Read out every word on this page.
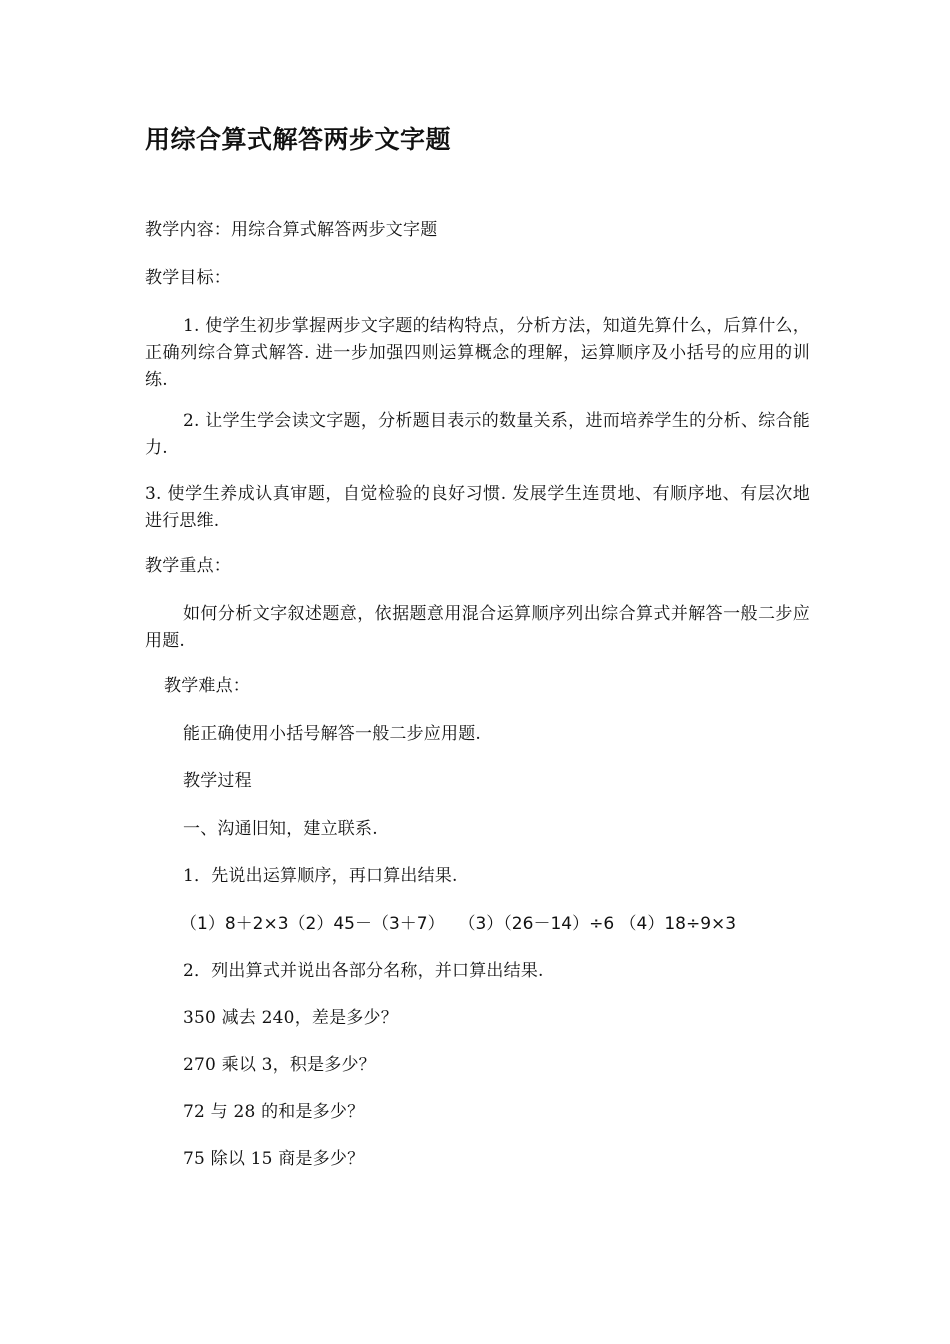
用综合算式解答两步文字题

教学内容：用综合算式解答两步文字题

教学目标：

1. 使学生初步掌握两步文字题的结构特点，分析方法，知道先算什么，后算什么，正确列综合算式解答. 进一步加强四则运算概念的理解，运算顺序及小括号的应用的训练.

2. 让学生学会读文字题，分析题目表示的数量关系，进而培养学生的分析、综合能力.

3. 使学生养成认真审题，自觉检验的良好习惯. 发展学生连贯地、有顺序地、有层次地进行思维.

教学重点：

如何分析文字叙述题意，依据题意用混合运算顺序列出综合算式并解答一般二步应用题.

教学难点：

能正确使用小括号解答一般二步应用题.

教学过程

一、沟通旧知，建立联系.

1．先说出运算顺序，再口算出结果.

（1）8＋2×3（2）45－（3＋7）　 （3）（26－14）÷6 （4）18÷9×3

2．列出算式并说出各部分名称，并口算出结果.

350 减去 240，差是多少？

270 乘以 3，积是多少？

72 与 28 的和是多少？

75 除以 15 商是多少？
